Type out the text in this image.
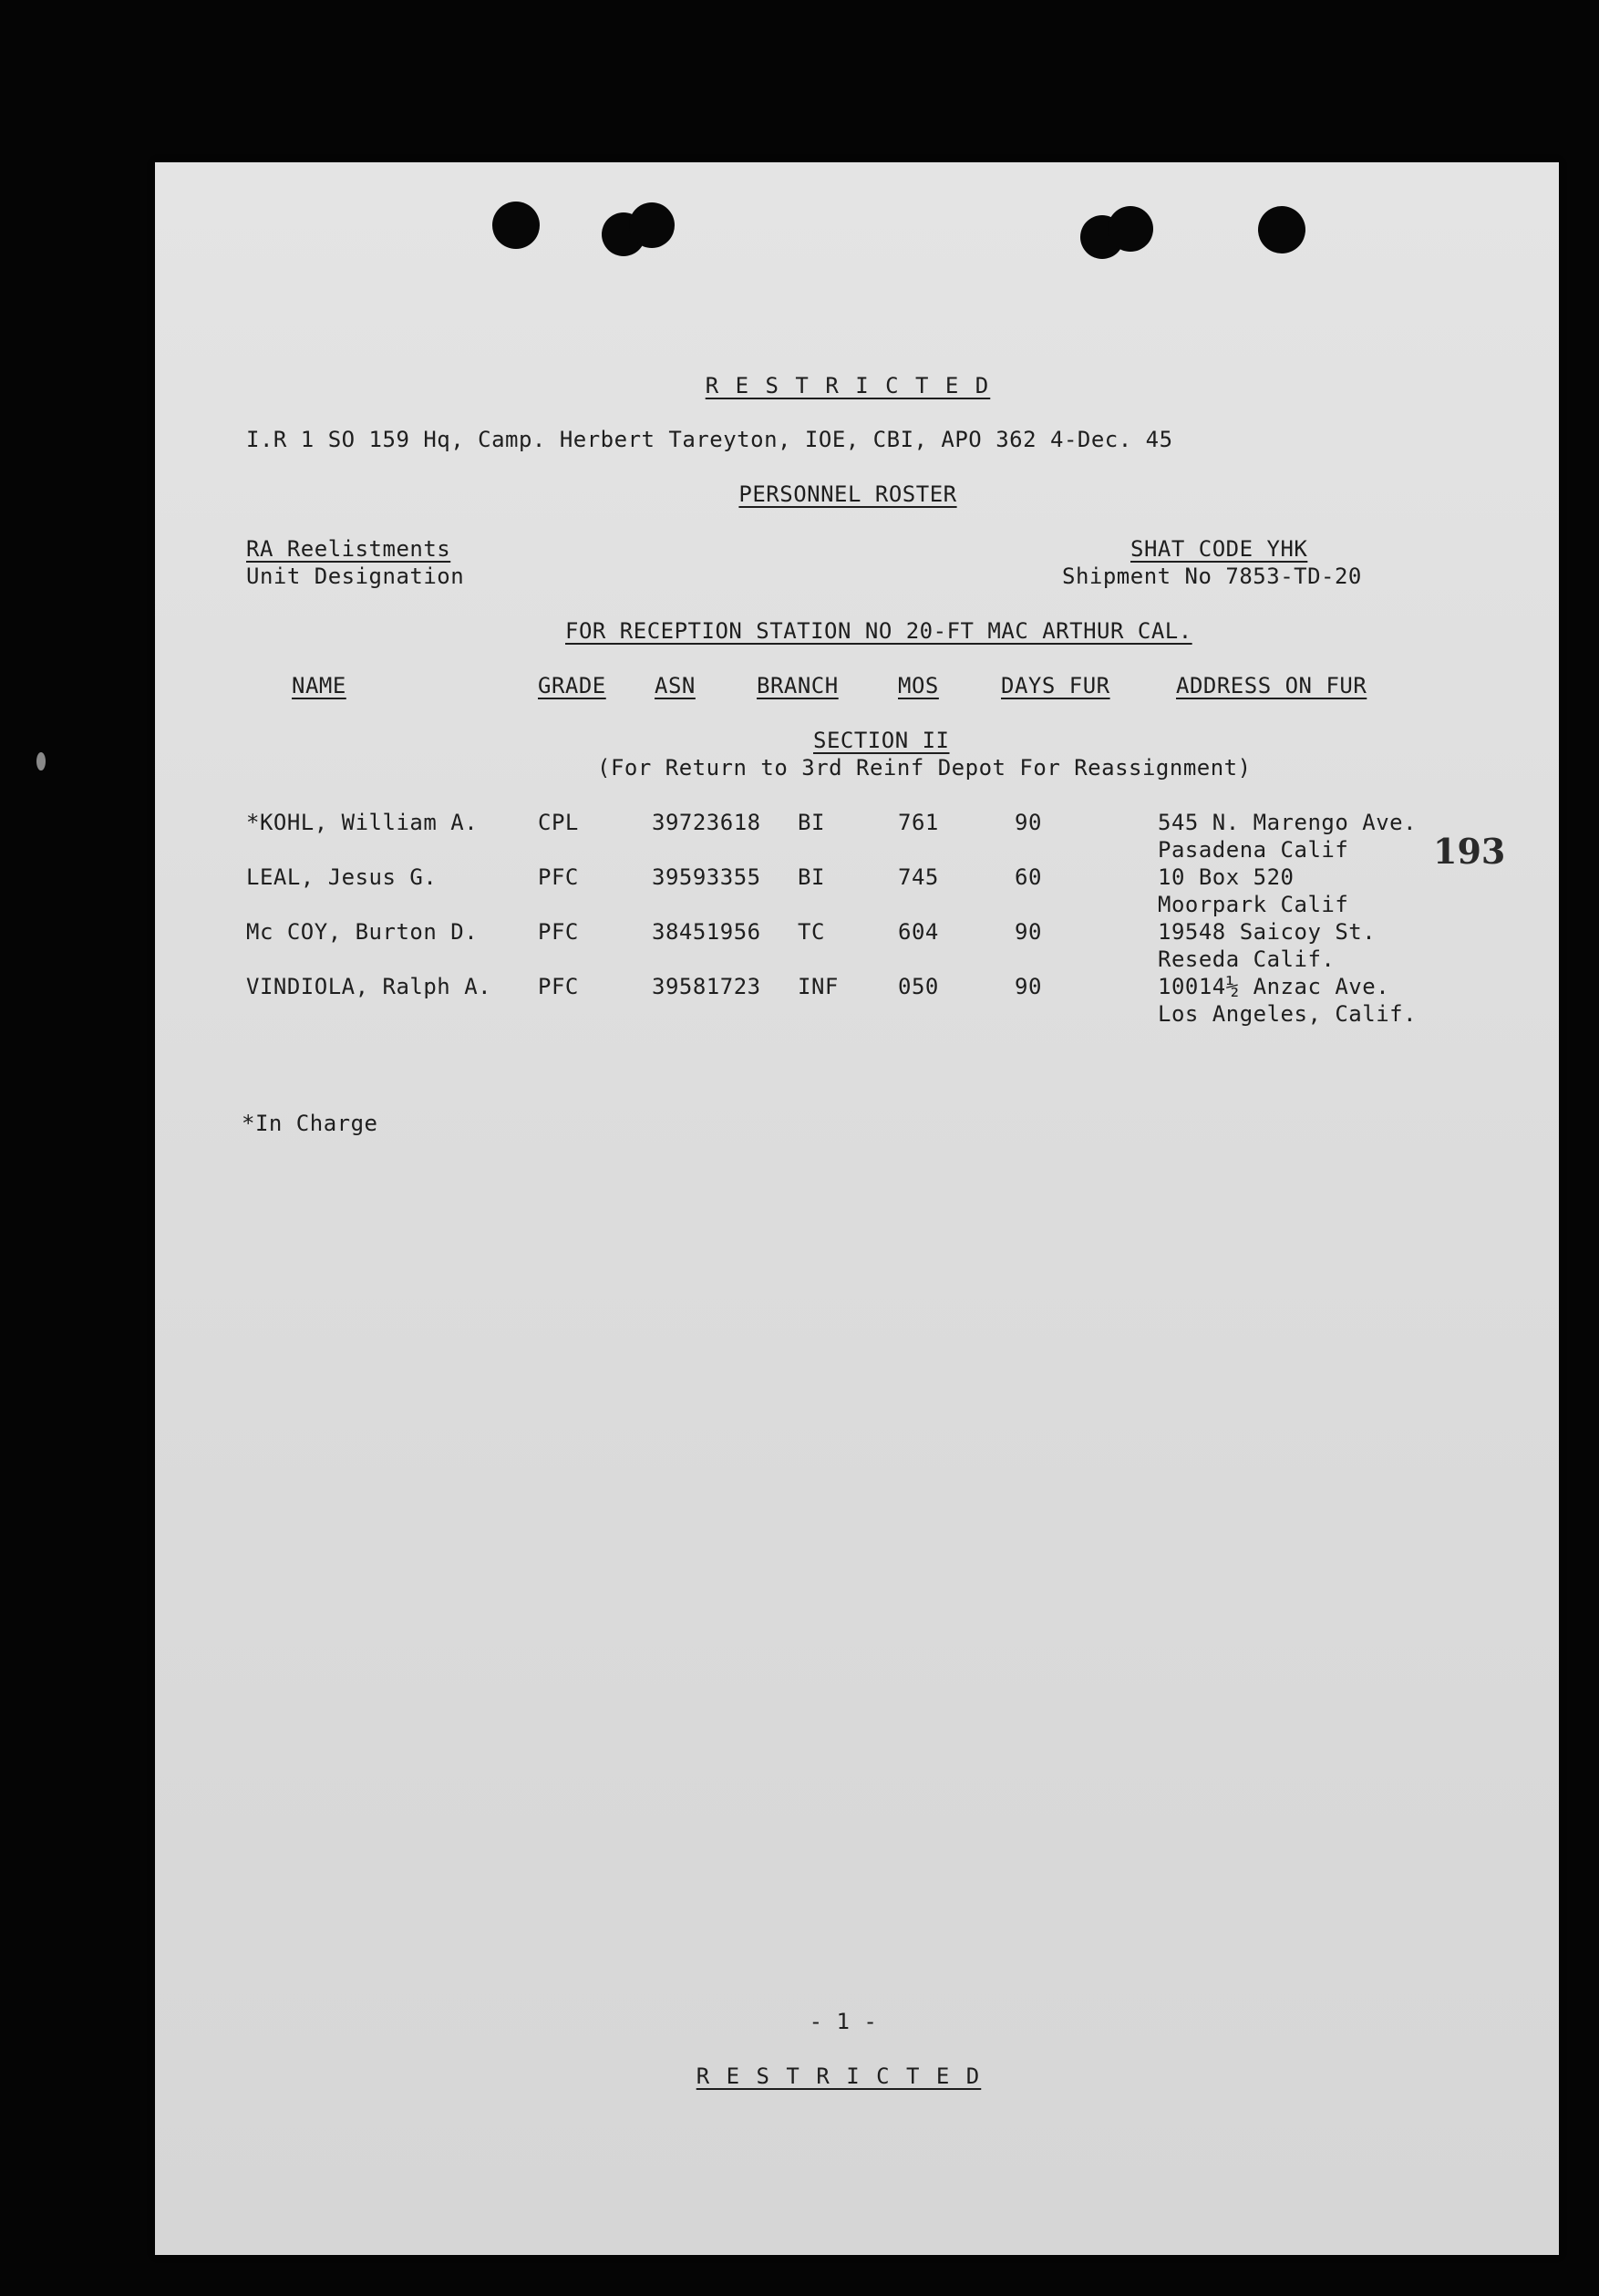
R E S T R I C T E D
I.R 1 SO 159 Hq, Camp. Herbert Tareyton, IOE, CBI, APO 362 4-Dec. 45
PERSONNEL ROSTER
RA Reelistments
Unit Designation
SHAT CODE YHK
Shipment No 7853-TD-20
FOR RECEPTION STATION NO 20-FT MAC ARTHUR CAL.
NAME	GRADE ASN	BRANCH	MOS	DAYS FUR	ADDRESS ON FUR
SECTION II
(For Return to 3rd Reinf Depot For Reassignment)
*KOHL, William A.	CPL	39723618 BI	761	90	545 N. Marengo Ave.
Pasadena Calif
LEAL, Jesus G.	PFC	39593355 BI	745	60	10 Box 520
Moorpark Calif
Mc COY, Burton D.	PFC	38451956 TC	604	90	19548 Saicoy St.
Reseda Calif.
VINDIOLA, Ralph A. PFC	39581723 INF	050	90	10014½ Anzac Ave.
Los Angeles, Calif.
193
*In Charge
- 1 -
R E S T R I C T E D
